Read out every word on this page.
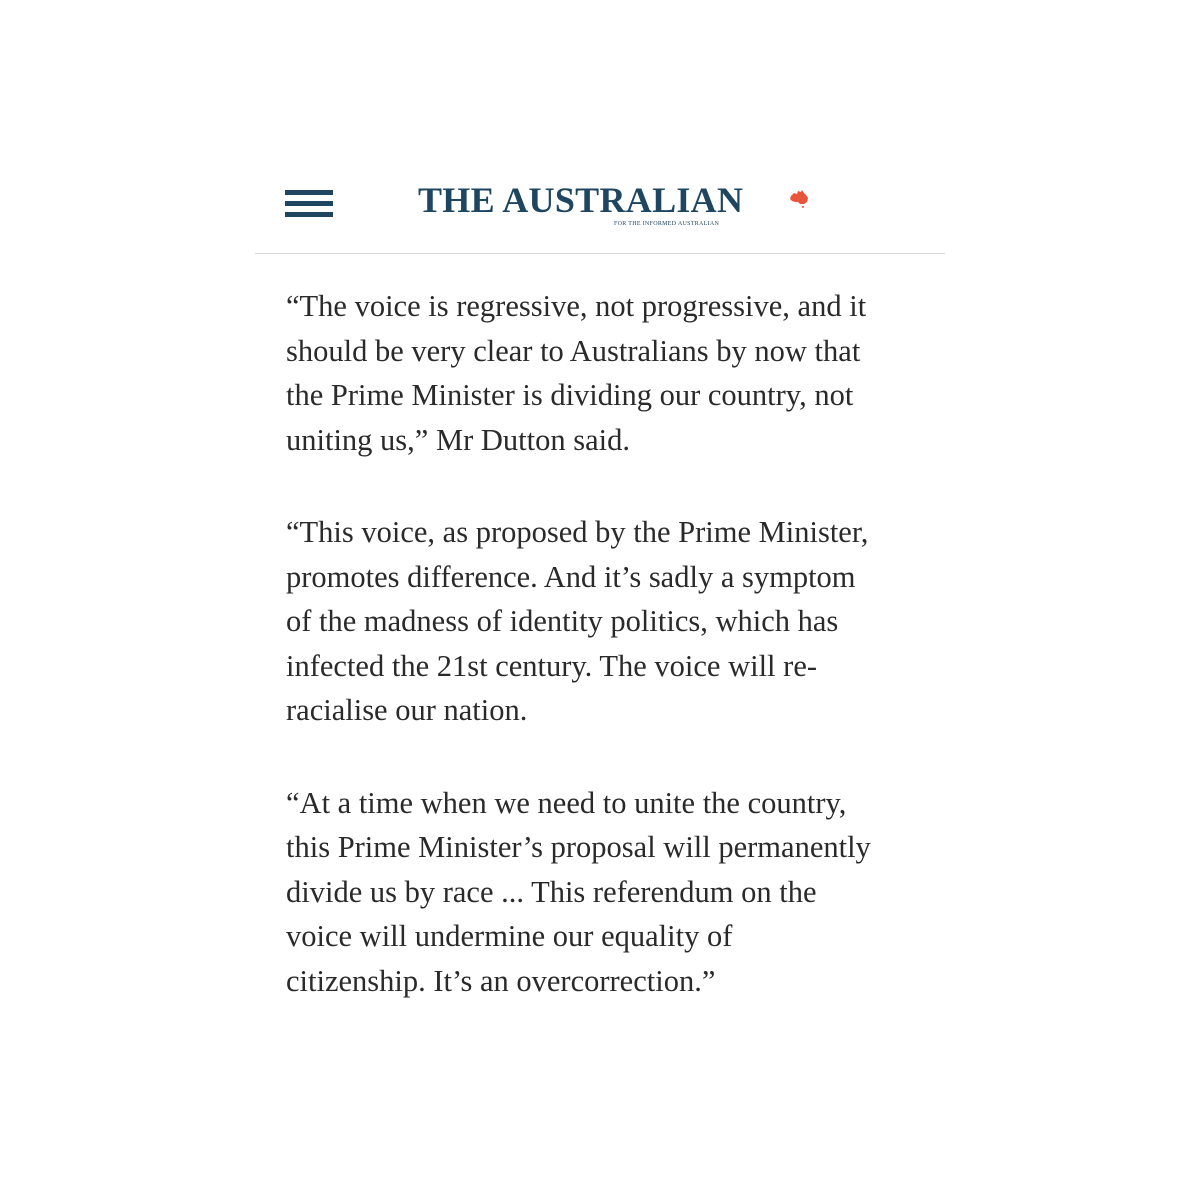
THE AUSTRALIAN
FOR THE INFORMED AUSTRALIAN

“The voice is regressive, not progressive, and it
should be very clear to Australians by now that
the Prime Minister is dividing our country, not
uniting us,” Mr Dutton said.

“This voice, as proposed by the Prime Minister,
promotes difference. And it’s sadly a symptom
of the madness of identity politics, which has
infected the 21st century. The voice will re-
racialise our nation.

“At a time when we need to unite the country,
this Prime Minister’s proposal will permanently
divide us by race ... This referendum on the
voice will undermine our equality of
citizenship. It’s an overcorrection.”
